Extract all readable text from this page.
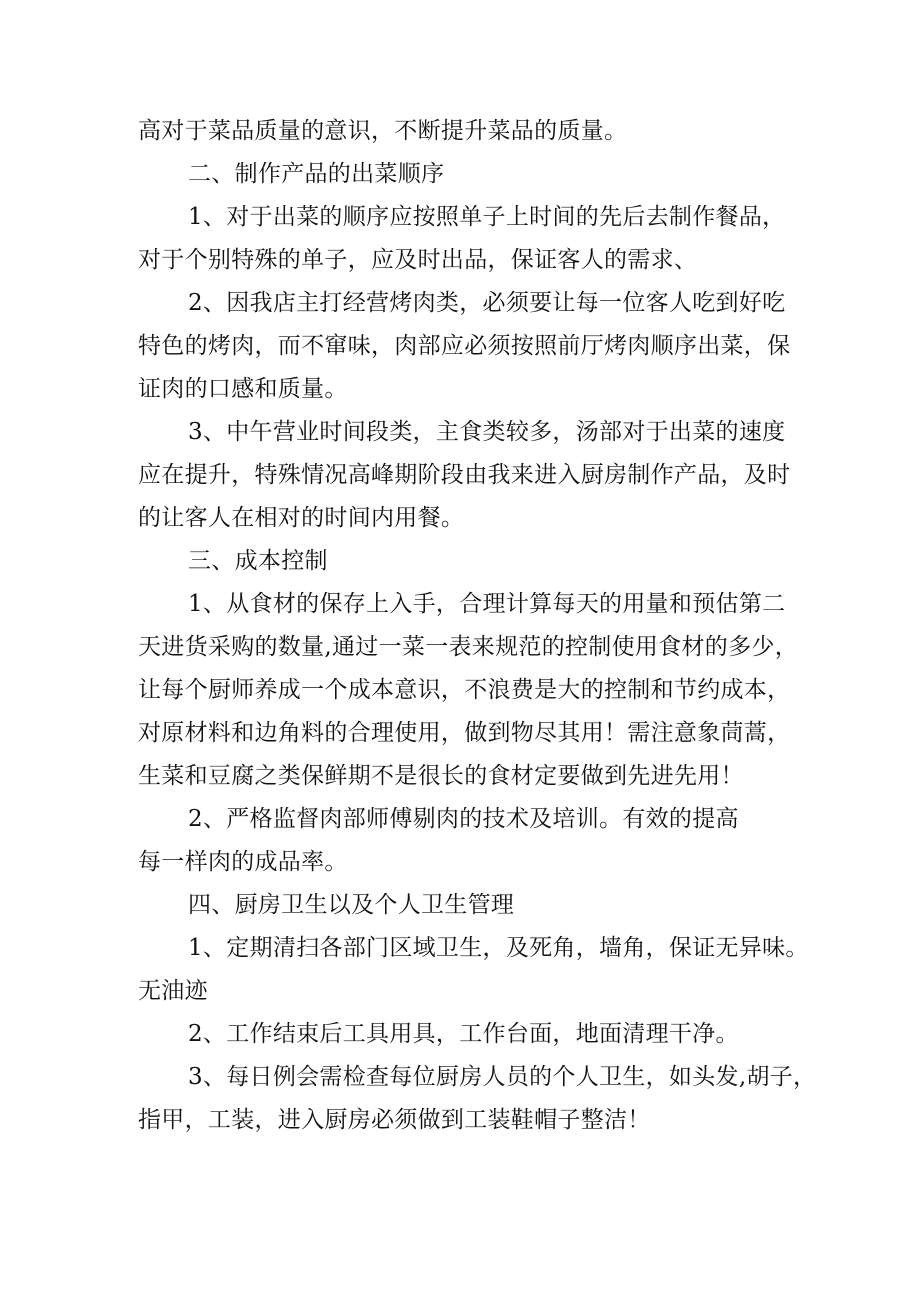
高对于菜品质量的意识，不断提升菜品的质量。
二、制作产品的出菜顺序
1、对于出菜的顺序应按照单子上时间的先后去制作餐品，
对于个别特殊的单子，应及时出品，保证客人的需求、
2、因我店主打经营烤肉类，必须要让每一位客人吃到好吃
特色的烤肉，而不窜味，肉部应必须按照前厅烤肉顺序出菜，保
证肉的口感和质量。
3、中午营业时间段类，主食类较多，汤部对于出菜的速度
应在提升，特殊情况高峰期阶段由我来进入厨房制作产品，及时
的让客人在相对的时间内用餐。
三、成本控制
1、从食材的保存上入手，合理计算每天的用量和预估第二
天进货采购的数量,通过一菜一表来规范的控制使用食材的多少，
让每个厨师养成一个成本意识，不浪费是大的控制和节约成本，
对原材料和边角料的合理使用，做到物尽其用！需注意象茼蒿，
生菜和豆腐之类保鲜期不是很长的食材定要做到先进先用！
2、严格监督肉部师傅剔肉的技术及培训。有效的提高
每一样肉的成品率。
四、厨房卫生以及个人卫生管理
1、定期清扫各部门区域卫生，及死角，墙角，保证无异味。
无油迹
2、工作结束后工具用具，工作台面，地面清理干净。
3、每日例会需检查每位厨房人员的个人卫生，如头发,胡子，
指甲，工装，进入厨房必须做到工装鞋帽子整洁！
